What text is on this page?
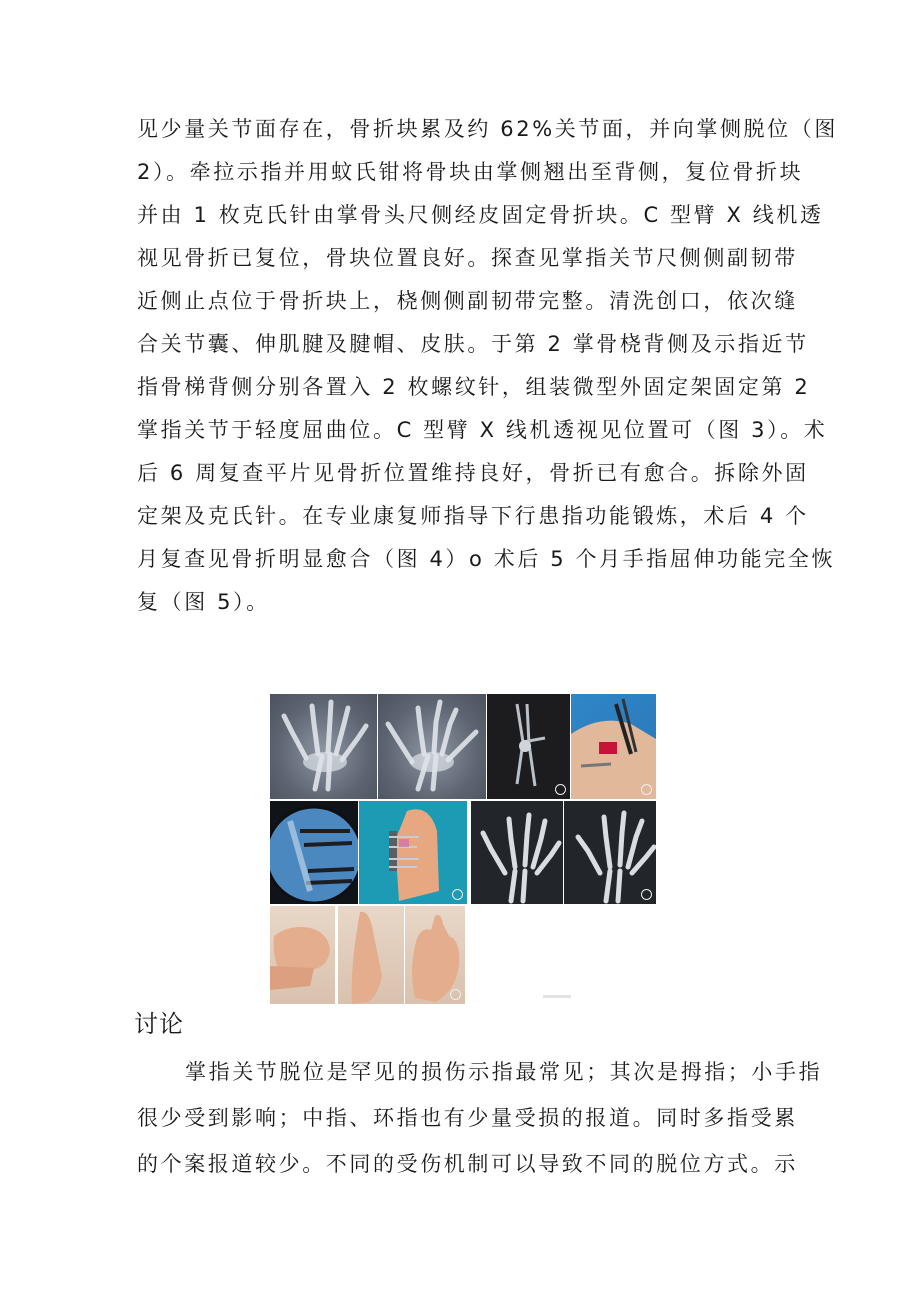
见少量关节面存在，骨折块累及约 62%关节面，并向掌侧脱位（图
2）。牵拉示指并用蚊氏钳将骨块由掌侧翘出至背侧，复位骨折块
并由 1 枚克氏针由掌骨头尺侧经皮固定骨折块。C 型臂 X 线机透
视见骨折已复位，骨块位置良好。探查见掌指关节尺侧侧副韧带
近侧止点位于骨折块上，桡侧侧副韧带完整。清洗创口，依次缝
合关节囊、伸肌腱及腱帽、皮肤。于第 2 掌骨桡背侧及示指近节
指骨梯背侧分别各置入 2 枚螺纹针，组装微型外固定架固定第 2
掌指关节于轻度屈曲位。C 型臂 X 线机透视见位置可（图 3）。术
后 6 周复查平片见骨折位置维持良好，骨折已有愈合。拆除外固
定架及克氏针。在专业康复师指导下行患指功能锻炼，术后 4 个
月复查见骨折明显愈合（图 4）o 术后 5 个月手指屈伸功能完全恢
复（图 5）。
讨论
掌指关节脱位是罕见的损伤示指最常见；其次是拇指；小手指
很少受到影响；中指、环指也有少量受损的报道。同时多指受累
的个案报道较少。不同的受伤机制可以导致不同的脱位方式。示
